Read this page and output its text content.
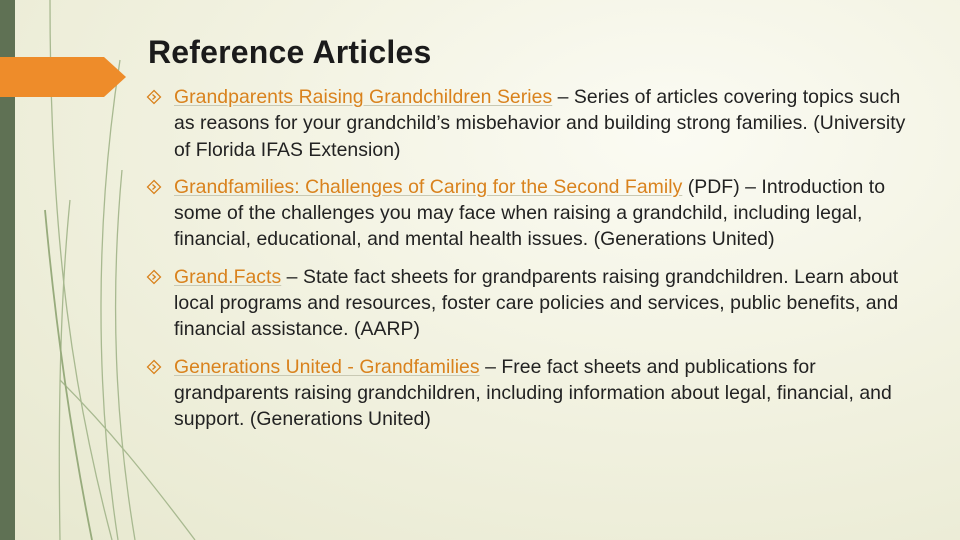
Reference Articles
Grandparents Raising Grandchildren Series – Series of articles covering topics such as reasons for your grandchild’s misbehavior and building strong families. (University of Florida IFAS Extension)
Grandfamilies: Challenges of Caring for the Second Family (PDF) – Introduction to some of the challenges you may face when raising a grandchild, including legal, financial, educational, and mental health issues. (Generations United)
Grand.Facts – State fact sheets for grandparents raising grandchildren. Learn about local programs and resources, foster care policies and services, public benefits, and financial assistance. (AARP)
Generations United - Grandfamilies – Free fact sheets and publications for grandparents raising grandchildren, including information about legal, financial, and support. (Generations United)
